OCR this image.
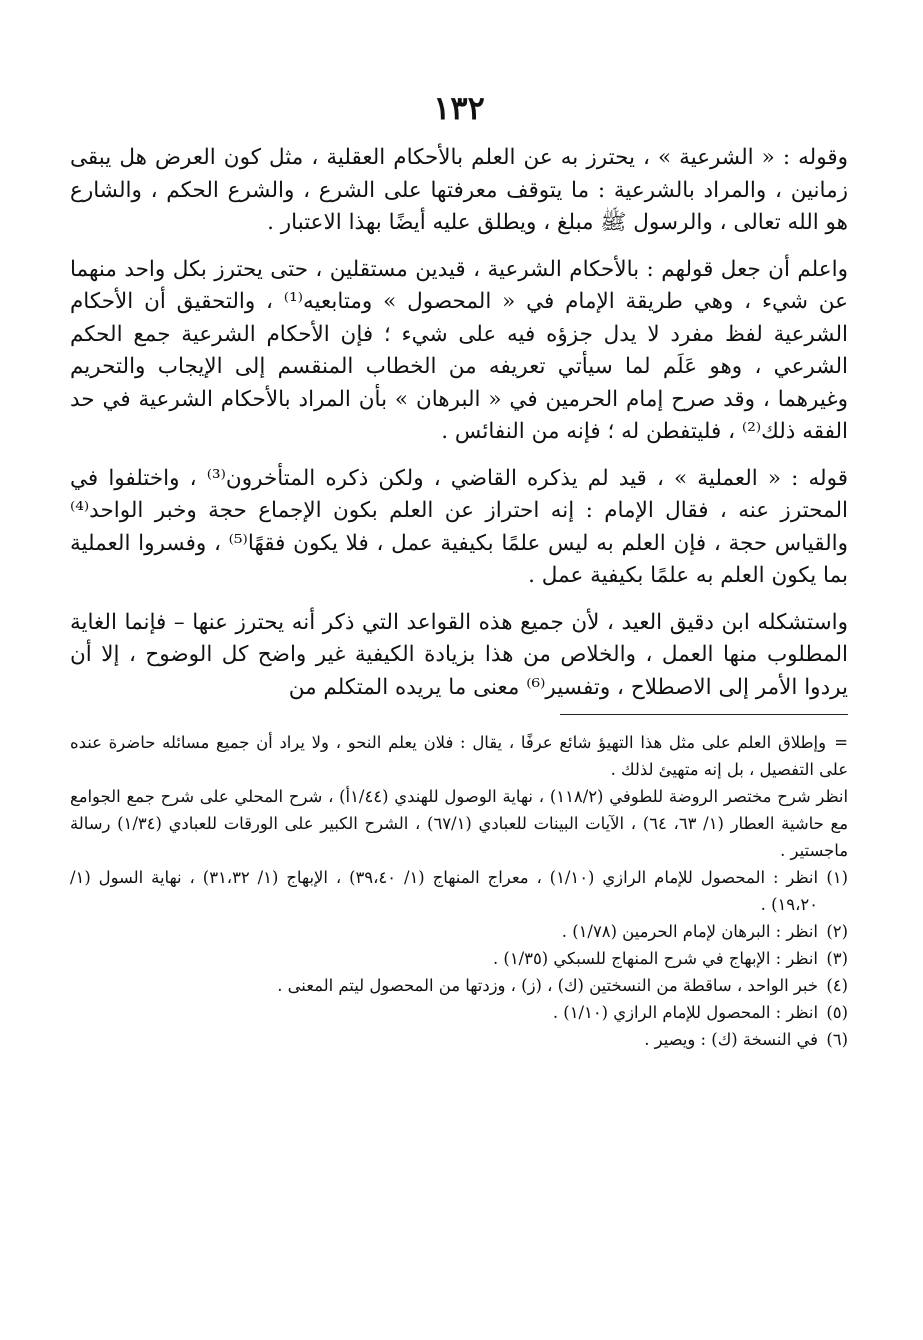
١٣٢

وقوله : « الشرعية » ، يحترز به عن العلم بالأحكام العقلية ، مثل كون العرض هل يبقى زمانين ، والمراد بالشرعية : ما يتوقف معرفتها على الشرع ، والشرع الحكم ، والشارع هو الله تعالى ، والرسول ﷺ مبلغ ، ويطلق عليه أيضًا بهذا الاعتبار .

واعلم أن جعل قولهم : بالأحكام الشرعية ، قيدين مستقلين ، حتى يحترز بكل واحد منهما عن شيء ، وهي طريقة الإمام في « المحصول » ومتابعيه⁽¹⁾ ، والتحقيق أن الأحكام الشرعية لفظ مفرد لا يدل جزؤه فيه على شيء ؛ فإن الأحكام الشرعية جمع الحكم الشرعي ، وهو عَلَم لما سيأتي تعريفه من الخطاب المنقسم إلى الإيجاب والتحريم وغيرهما ، وقد صرح إمام الحرمين في « البرهان » بأن المراد بالأحكام الشرعية في حد الفقه ذلك⁽²⁾ ، فليتفطن له ؛ فإنه من النفائس .

قوله : « العملية » ، قيد لم يذكره القاضي ، ولكن ذكره المتأخرون⁽³⁾ ، واختلفوا في المحترز عنه ، فقال الإمام : إنه احتراز عن العلم بكون الإجماع حجة وخبر الواحد⁽⁴⁾ والقياس حجة ، فإن العلم به ليس علمًا بكيفية عمل ، فلا يكون فقهًا⁽⁵⁾ ، وفسروا العملية بما يكون العلم به علمًا بكيفية عمل .

واستشكله ابن دقيق العيد ، لأن جميع هذه القواعد التي ذكر أنه يحترز عنها – فإنما الغاية المطلوب منها العمل ، والخلاص من هذا بزيادة الكيفية غير واضح كل الوضوح ، إلا أن يردوا الأمر إلى الاصطلاح ، وتفسير⁽⁶⁾ معنى ما يريده المتكلم من

=وإطلاق العلم على مثل هذا التهيؤ شائع عرفًا ، يقال : فلان يعلم النحو ، ولا يراد أن جميع مسائله حاضرة عنده على التفصيل ، بل إنه متهيئ لذلك .
انظر شرح مختصر الروضة للطوفي (١١٨/٢) ، نهاية الوصول للهندي (١/٤٤أ) ، شرح المحلي على شرح جمع الجوامع مع حاشية العطار (١/ ٦٣، ٦٤) ، الآيات البينات للعبادي (٦٧/١) ، الشرح الكبير على الورقات للعبادي (١/٣٤) رسالة ماجستير .
(١)
انظر : المحصول للإمام الرازي (١/١٠) ، معراج المنهاج (١/ ٣٩،٤٠) ، الإبهاج (١/ ٣١،٣٢) ، نهاية السول (١/ ١٩،٢٠) .
(٢)
انظر : البرهان لإمام الحرمين (١/٧٨) .
(٣)
انظر : الإبهاج في شرح المنهاج للسبكي (١/٣٥) .
(٤)
خبر الواحد ، ساقطة من النسختين (ك) ، (ز) ، وزدتها من المحصول ليتم المعنى .
(٥)
انظر : المحصول للإمام الرازي (١/١٠) .
(٦)
في النسخة (ك) : ويصير .
